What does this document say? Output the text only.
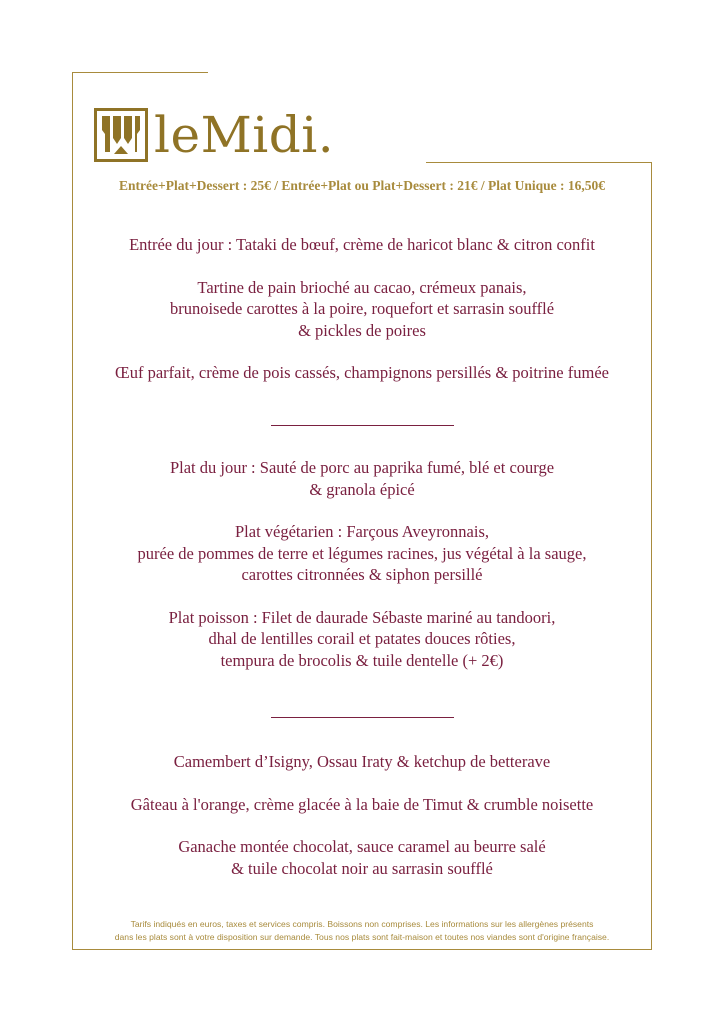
leMidi.
Entrée+Plat+Dessert : 25€ / Entrée+Plat ou Plat+Dessert : 21€ / Plat Unique : 16,50€

Entrée du jour : Tataki de bœuf, crème de haricot blanc & citron confit

Tartine de pain brioché au cacao, crémeux panais,
brunoisede carottes à la poire, roquefort et sarrasin soufflé
& pickles de poires

Œuf parfait, crème de pois cassés, champignons persillés & poitrine fumée

Plat du jour : Sauté de porc au paprika fumé, blé et courge
& granola épicé

Plat végétarien : Farçous Aveyronnais,
purée de pommes de terre et légumes racines, jus végétal à la sauge,
carottes citronnées & siphon persillé

Plat poisson : Filet de daurade Sébaste mariné au tandoori,
dhal de lentilles corail et patates douces rôties,
tempura de brocolis & tuile dentelle (+ 2€)

Camembert d’Isigny, Ossau Iraty & ketchup de betterave

Gâteau à l'orange, crème glacée à la baie de Timut & crumble noisette

Ganache montée chocolat, sauce caramel au beurre salé
& tuile chocolat noir au sarrasin soufflé

Tarifs indiqués en euros, taxes et services compris. Boissons non comprises. Les informations sur les allergènes présents
dans les plats sont à votre disposition sur demande. Tous nos plats sont fait-maison et toutes nos viandes sont d'origine française.
